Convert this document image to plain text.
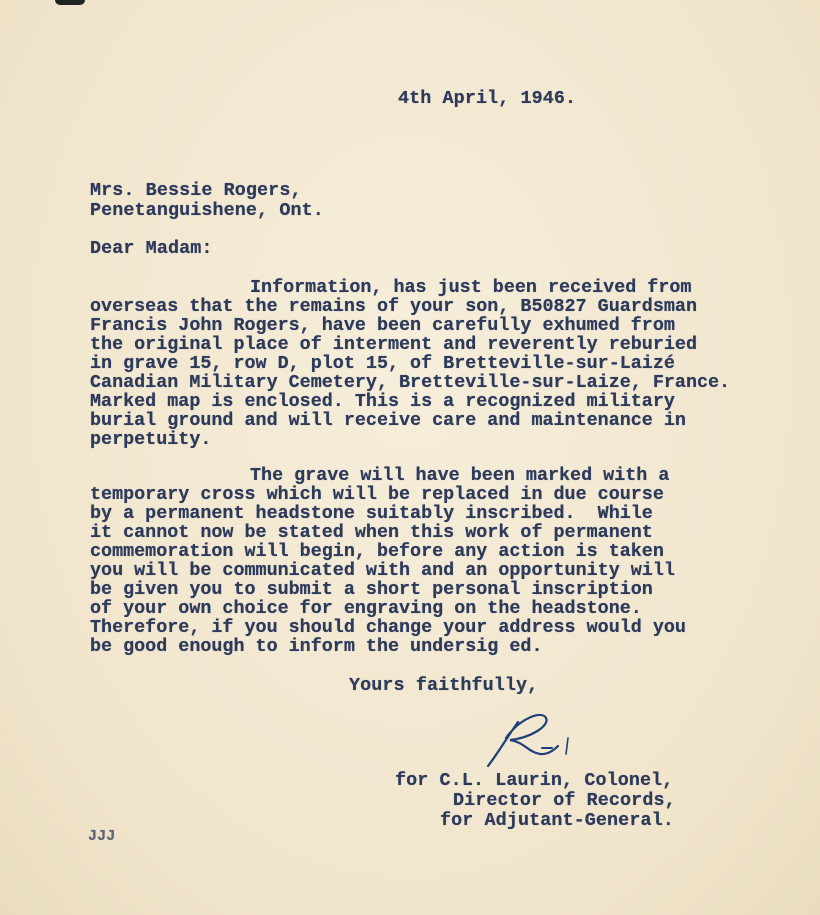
4th April, 1946.
Mrs. Bessie Rogers,
Penetanguishene, Ont.
Dear Madam:
Information, has just been received from
overseas that the remains of your son, B50827 Guardsman
Francis John Rogers, have been carefully exhumed from
the original place of interment and reverently reburied
in grave 15, row D, plot 15, of Bretteville-sur-Laizé
Canadian Military Cemetery, Bretteville-sur-Laize, France.
Marked map is enclosed. This is a recognized military
burial ground and will receive care and maintenance in
perpetuity.
The grave will have been marked with a
temporary cross which will be replaced in due course
by a permanent headstone suitably inscribed.  While
it cannot now be stated when this work of permanent
commemoration will begin, before any action is taken
you will be communicated with and an opportunity will
be given you to submit a short personal inscription
of your own choice for engraving on the headstone.
Therefore, if you should change your address would you
be good enough to inform the undersig ed.
Yours faithfully,
for C.L. Laurin, Colonel,
Director of Records,
for Adjutant-General.
JJJ
